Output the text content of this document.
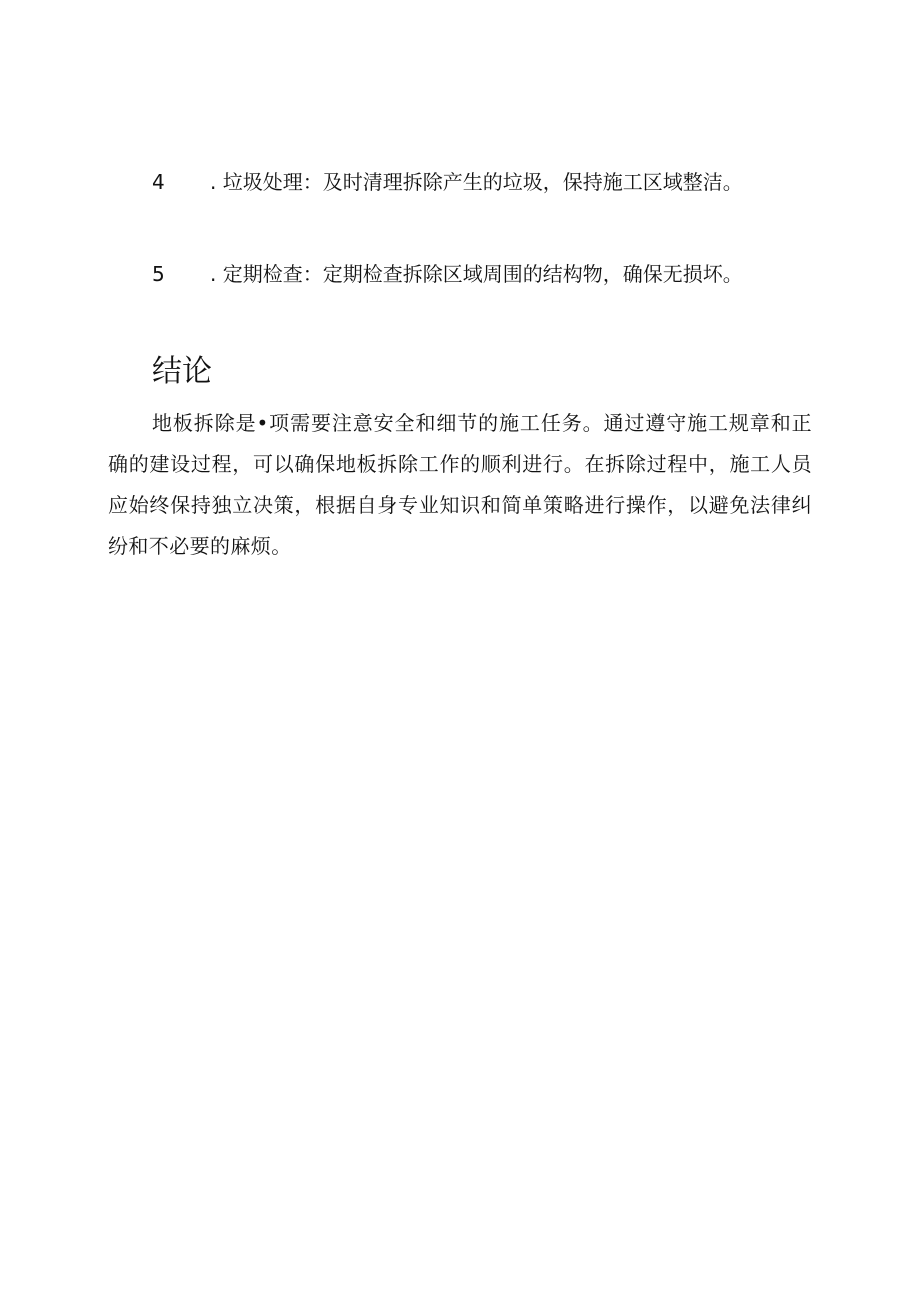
4 . 垃圾处理：及时清理拆除产生的垃圾，保持施工区域整洁。
5 . 定期检查：定期检查拆除区域周围的结构物，确保无损坏。
结论

地板拆除是•项需要注意安全和细节的施工任务。通过遵守施工规章和正确的建设过程，可以确保地板拆除工作的顺利进行。在拆除过程中，施工人员应始终保持独立决策，根据自身专业知识和简单策略进行操作，以避免法律纠纷和不必要的麻烦。
